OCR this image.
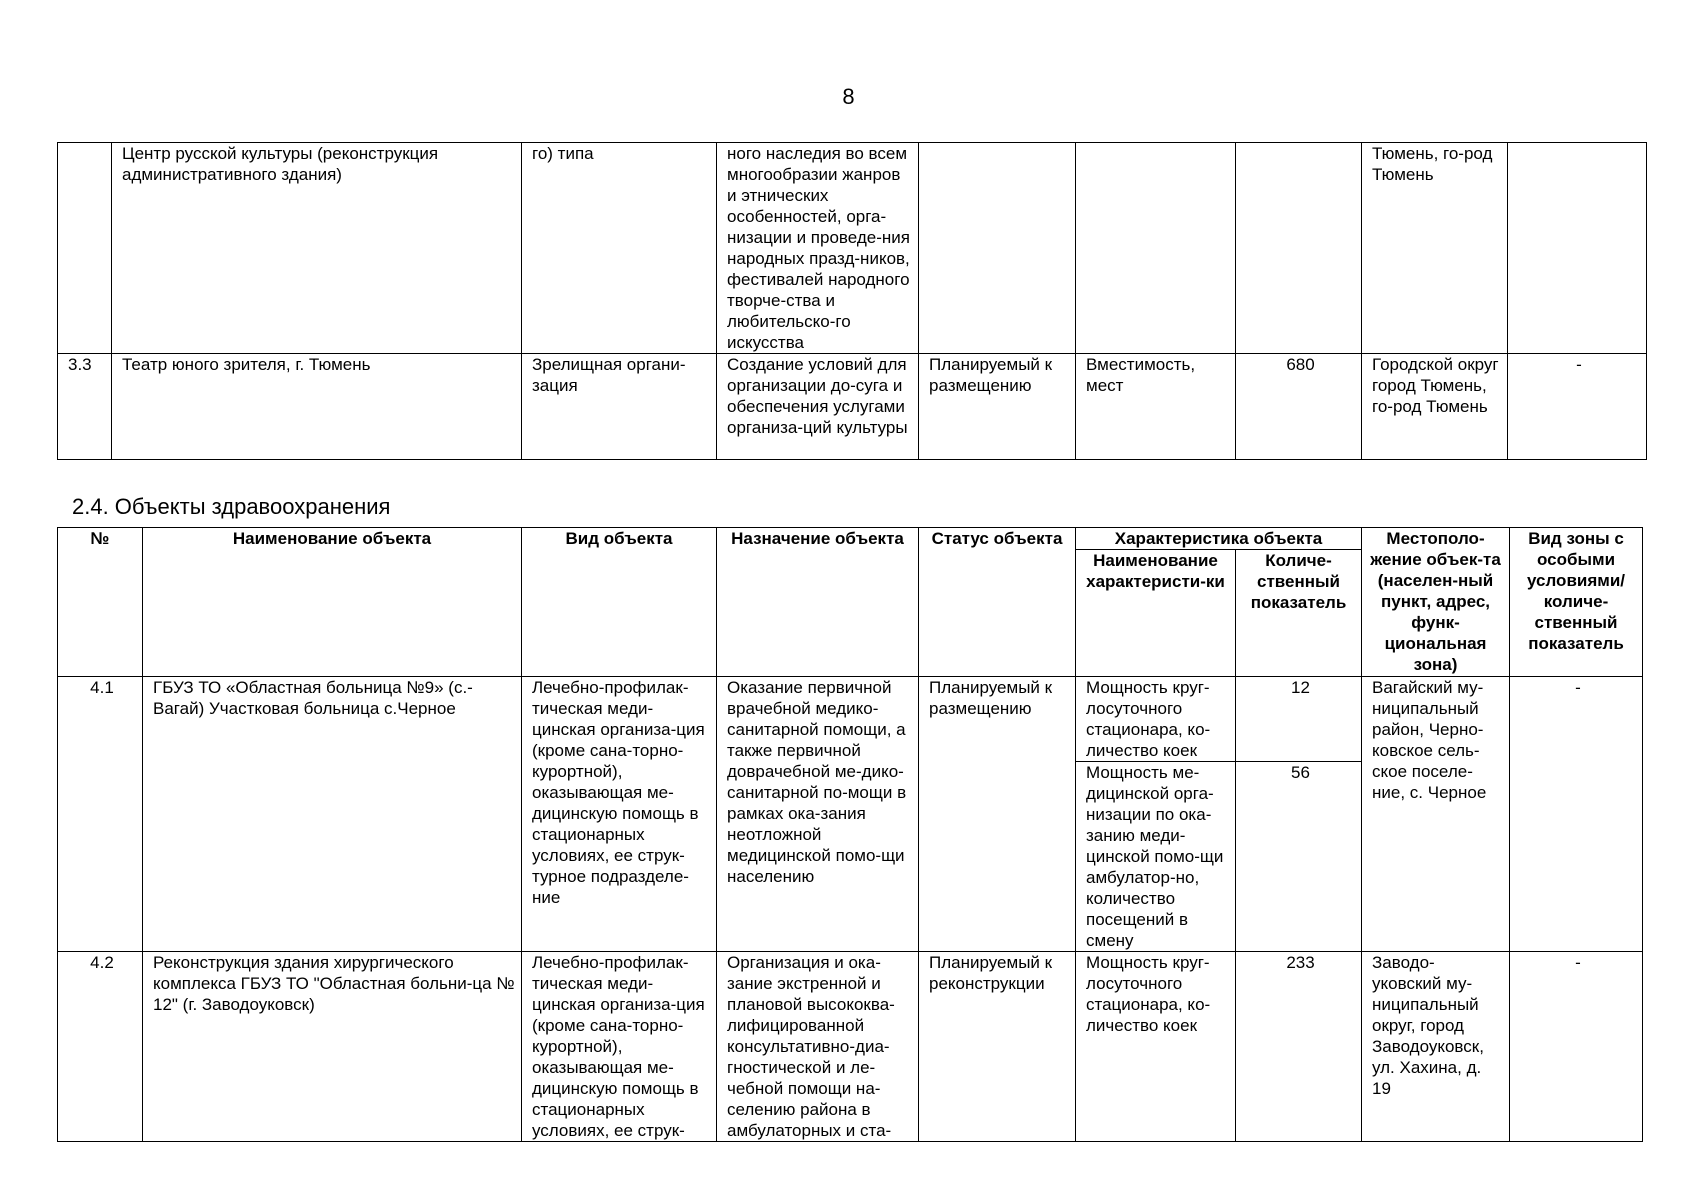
8
	Центр русской культуры (реконструкция административного здания)	го) типа	ного наследия во всем многообразии жанров и этнических особенностей, орга-низации и проведе-ния народных празд-ников, фестивалей народного творче-ства и любительско-го искусства				Тюмень, го-род Тюмень	
3.3	Театр юного зрителя, г. Тюмень	Зрелищная органи-зация	Создание условий для организации до-суга и обеспечения услугами организа-ций культуры	Планируемый к размещению	Вместимость, мест	680	Городской округ город Тюмень, го-род Тюмень	-
2.4. Объекты здравоохранения
№	Наименование объекта	Вид объекта	Назначение объекта	Статус объекта	Характеристика объекта		Местополо-жение объек-та (населен-ный пункт, адрес, функ-циональная зона)	Вид зоны с особыми условиями/ количе-ственный показатель
					Наименование характеристи-ки	Количе-ственный показатель		
4.1	ГБУЗ ТО «Областная больница №9» (с.-Вагай) Участковая больница с.Черное	Лечебно-профилак-тическая меди-цинская организа-ция (кроме сана-торно-курортной), оказывающая ме-дицинскую помощь в стационарных условиях, ее струк-турное подразделе-ние	Оказание первичной врачебной медико-санитарной помощи, а также первичной доврачебной ме-дико-санитарной по-мощи в рамках ока-зания неотложной медицинской помо-щи населению	Планируемый к размещению	Мощность круг-лосуточного стационара, ко-личество коек	12	Вагайский му-ниципальный район, Черно-ковское сель-ское поселе-ние, с. Черное	-
					Мощность ме-дицинской орга-низации по ока-занию меди-цинской помо-щи амбулатор-но, количество посещений в смену	56		
4.2	Реконструкция здания хирургического комплекса ГБУЗ ТО "Областная больни-ца № 12" (г. Заводоуковск)	Лечебно-профилак-тическая меди-цинская организа-ция (кроме сана-торно-курортной), оказывающая ме-дицинскую помощь в стационарных условиях, ее струк-	Организация и ока-зание экстренной и плановой высококва-лифицированной консультативно-диа-гностической и ле-чебной помощи на-селению района в амбулаторных и ста-	Планируемый к реконструкции	Мощность круг-лосуточного стационара, ко-личество коек	233	Заводо-уковский му-ниципальный округ, город Заводоуковск, ул. Хахина, д. 19	-
